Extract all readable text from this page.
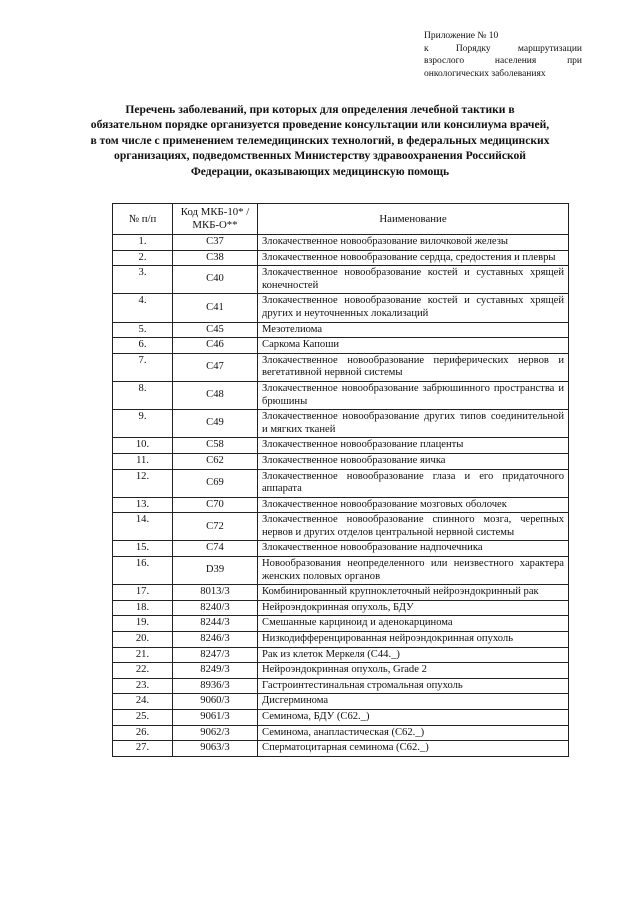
Приложение № 10
к Порядку маршрутизации
взрослого населения при
онкологических заболеваниях
Перечень заболеваний, при которых для определения лечебной тактики в обязательном порядке организуется проведение консультации или консилиума врачей, в том числе с применением телемедицинских технологий, в федеральных медицинских организациях, подведомственных Министерству здравоохранения Российской Федерации, оказывающих медицинскую помощь
№ п/п	Код МКБ-10* / МКБ-О**	Наименование
1.	C37	Злокачественное новообразование вилочковой железы
2.	C38	Злокачественное новообразование сердца, средостения и плевры
3.	C40	Злокачественное новообразование костей и суставных хрящей конечностей
4.	C41	Злокачественное новообразование костей и суставных хрящей других и неуточненных локализаций
5.	C45	Мезотелиома
6.	C46	Саркома Капоши
7.	C47	Злокачественное новообразование периферических нервов и вегетативной нервной системы
8.	C48	Злокачественное новообразование забрюшинного пространства и брюшины
9.	C49	Злокачественное новообразование других типов соединительной и мягких тканей
10.	C58	Злокачественное новообразование плаценты
11.	C62	Злокачественное новообразование яичка
12.	C69	Злокачественное новообразование глаза и его придаточного аппарата
13.	C70	Злокачественное новообразование мозговых оболочек
14.	C72	Злокачественное новообразование спинного мозга, черепных нервов и других отделов центральной нервной системы
15.	C74	Злокачественное новообразование надпочечника
16.	D39	Новообразования неопределенного или неизвестного характера женских половых органов
17.	8013/3	Комбинированный крупноклеточный нейроэндокринный рак
18.	8240/3	Нейроэндокринная опухоль, БДУ
19.	8244/3	Смешанные карциноид и аденокарцинома
20.	8246/3	Низкодифференцированная нейроэндокринная опухоль
21.	8247/3	Рак из клеток Меркеля (C44._)
22.	8249/3	Нейроэндокринная опухоль, Grade 2
23.	8936/3	Гастроинтестинальная стромальная опухоль
24.	9060/3	Дисгерминома
25.	9061/3	Семинома, БДУ (C62._)
26.	9062/3	Семинома, анапластическая (C62._)
27.	9063/3	Сперматоцитарная семинома (C62._)
